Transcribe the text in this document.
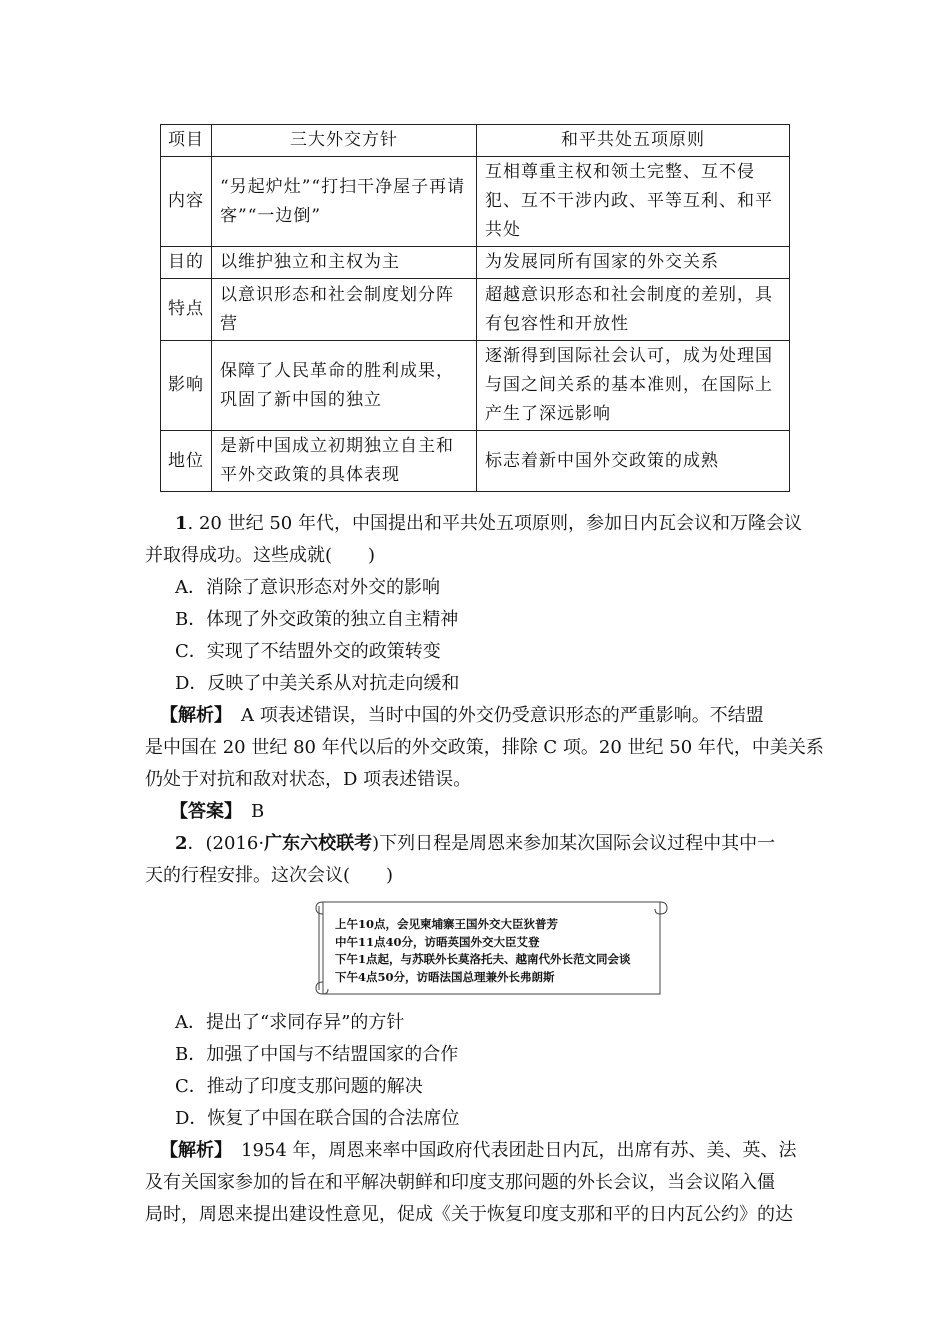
项目	三大外交方针	和平共处五项原则
内容	“另起炉灶”“打扫干净屋子再请客”“一边倒”	互相尊重主权和领土完整、互不侵犯、互不干涉内政、平等互利、和平共处
目的	以维护独立和主权为主	为发展同所有国家的外交关系
特点	以意识形态和社会制度划分阵营	超越意识形态和社会制度的差别，具有包容性和开放性
影响	保障了人民革命的胜利成果，巩固了新中国的独立	逐渐得到国际社会认可，成为处理国与国之间关系的基本准则，在国际上产生了深远影响
地位	是新中国成立初期独立自主和平外交政策的具体表现	标志着新中国外交政策的成熟
1. 20 世纪 50 年代，中国提出和平共处五项原则，参加日内瓦会议和万隆会议
并取得成功。这些成就(　　)
A．消除了意识形态对外交的影响
B．体现了外交政策的独立自主精神
C．实现了不结盟外交的政策转变
D．反映了中美关系从对抗走向缓和
【解析】　A 项表述错误，当时中国的外交仍受意识形态的严重影响。不结盟
是中国在 20 世纪 80 年代以后的外交政策，排除 C 项。20 世纪 50 年代，中美关系
仍处于对抗和敌对状态，D 项表述错误。
【答案】　B
2．(2016·广东六校联考)下列日程是周恩来参加某次国际会议过程中其中一
天的行程安排。这次会议(　　)
上午10点，会见柬埔寨王国外交大臣狄普芳
中午11点40分，访晤英国外交大臣艾登
下午1点起，与苏联外长莫洛托夫、越南代外长范文同会谈
下午4点50分，访晤法国总理兼外长弗朗斯
A．提出了“求同存异”的方针
B．加强了中国与不结盟国家的合作
C．推动了印度支那问题的解决
D．恢复了中国在联合国的合法席位
【解析】　1954 年，周恩来率中国政府代表团赴日内瓦，出席有苏、美、英、法
及有关国家参加的旨在和平解决朝鲜和印度支那问题的外长会议，当会议陷入僵
局时，周恩来提出建设性意见，促成《关于恢复印度支那和平的日内瓦公约》的达
